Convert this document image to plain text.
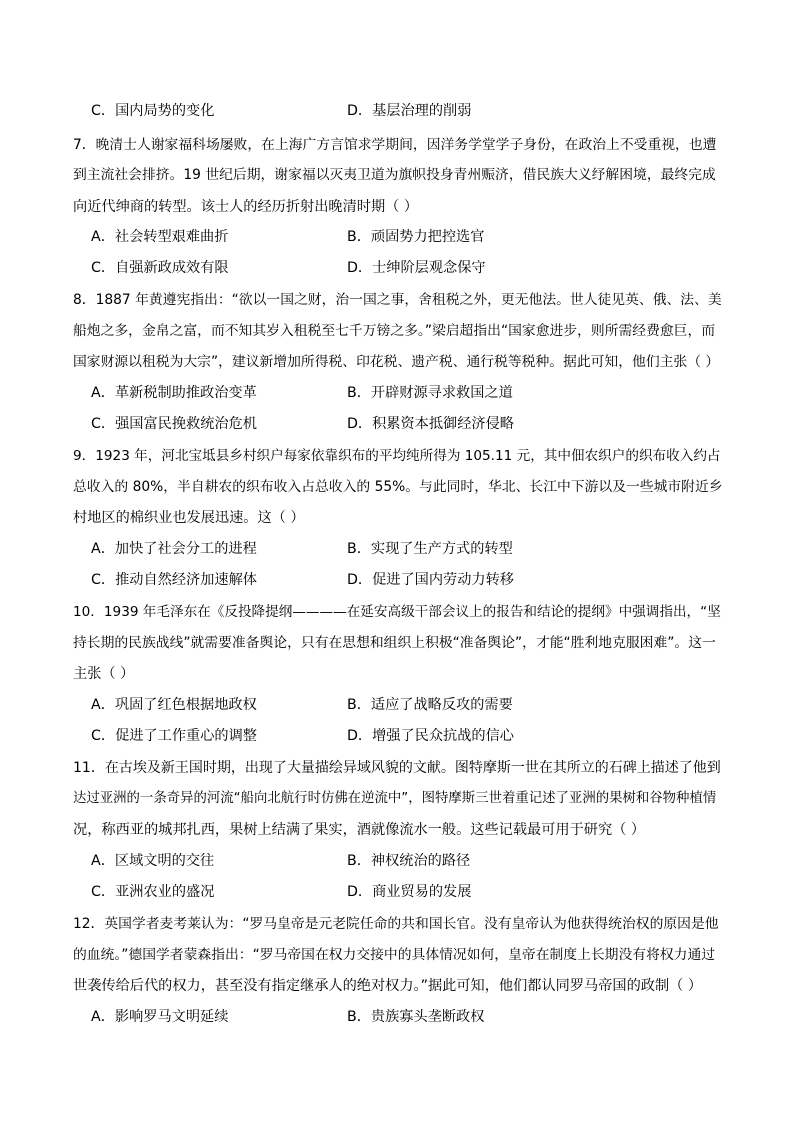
C．国内局势的变化	D．基层治理的削弱
7．晚清士人谢家福科场屡败，在上海广方言馆求学期间，因洋务学堂学子身份，在政治上不受重视，也遭
到主流社会排挤。19 世纪后期，谢家福以灭夷卫道为旗帜投身青州赈济，借民族大义纾解困境，最终完成
向近代绅商的转型。该士人的经历折射出晚清时期（ ）
A．社会转型艰难曲折	B．顽固势力把控选官
C．自强新政成效有限	D．士绅阶层观念保守
8．1887 年黄遵宪指出：“欲以一国之财，治一国之事，舍租税之外，更无他法。世人徒见英、俄、法、美
船炮之多，金帛之富，而不知其岁入租税至七千万镑之多。”梁启超指出“国家愈进步，则所需经费愈巨，而
国家财源以租税为大宗”，建议新增加所得税、印花税、遗产税、通行税等税种。据此可知，他们主张（ ）
A．革新税制助推政治变革	B．开辟财源寻求救国之道
C．强国富民挽救统治危机	D．积累资本抵御经济侵略
9．1923 年，河北宝坻县乡村织户每家依靠织布的平均纯所得为 105.11 元，其中佃农织户的织布收入约占
总收入的 80%，半自耕农的织布收入占总收入的 55%。与此同时，华北、长江中下游以及一些城市附近乡
村地区的棉织业也发展迅速。这（ ）
A．加快了社会分工的进程	B．实现了生产方式的转型
C．推动自然经济加速解体	D．促进了国内劳动力转移
10．1939 年毛泽东在《反投降提纲————在延安高级干部会议上的报告和结论的提纲》中强调指出，“坚
持长期的民族战线”就需要准备舆论，只有在思想和组织上积极“准备舆论”，才能“胜利地克服困难”。这一
主张（ ）
A．巩固了红色根据地政权	B．适应了战略反攻的需要
C．促进了工作重心的调整	D．增强了民众抗战的信心
11．在古埃及新王国时期，出现了大量描绘异域风貌的文献。图特摩斯一世在其所立的石碑上描述了他到
达过亚洲的一条奇异的河流“船向北航行时仿佛在逆流中”，图特摩斯三世着重记述了亚洲的果树和谷物种植情
况，称西亚的城邦扎西，果树上结满了果实，酒就像流水一般。这些记载最可用于研究（ ）
A．区域文明的交往	B．神权统治的路径
C．亚洲农业的盛况	D．商业贸易的发展
12．英国学者麦考莱认为：“罗马皇帝是元老院任命的共和国长官。没有皇帝认为他获得统治权的原因是他
的血统。”德国学者蒙森指出：“罗马帝国在权力交接中的具体情况如何，皇帝在制度上长期没有将权力通过
世袭传给后代的权力，甚至没有指定继承人的绝对权力。”据此可知，他们都认同罗马帝国的政制（ ）
A．影响罗马文明延续	B．贵族寡头垄断政权
